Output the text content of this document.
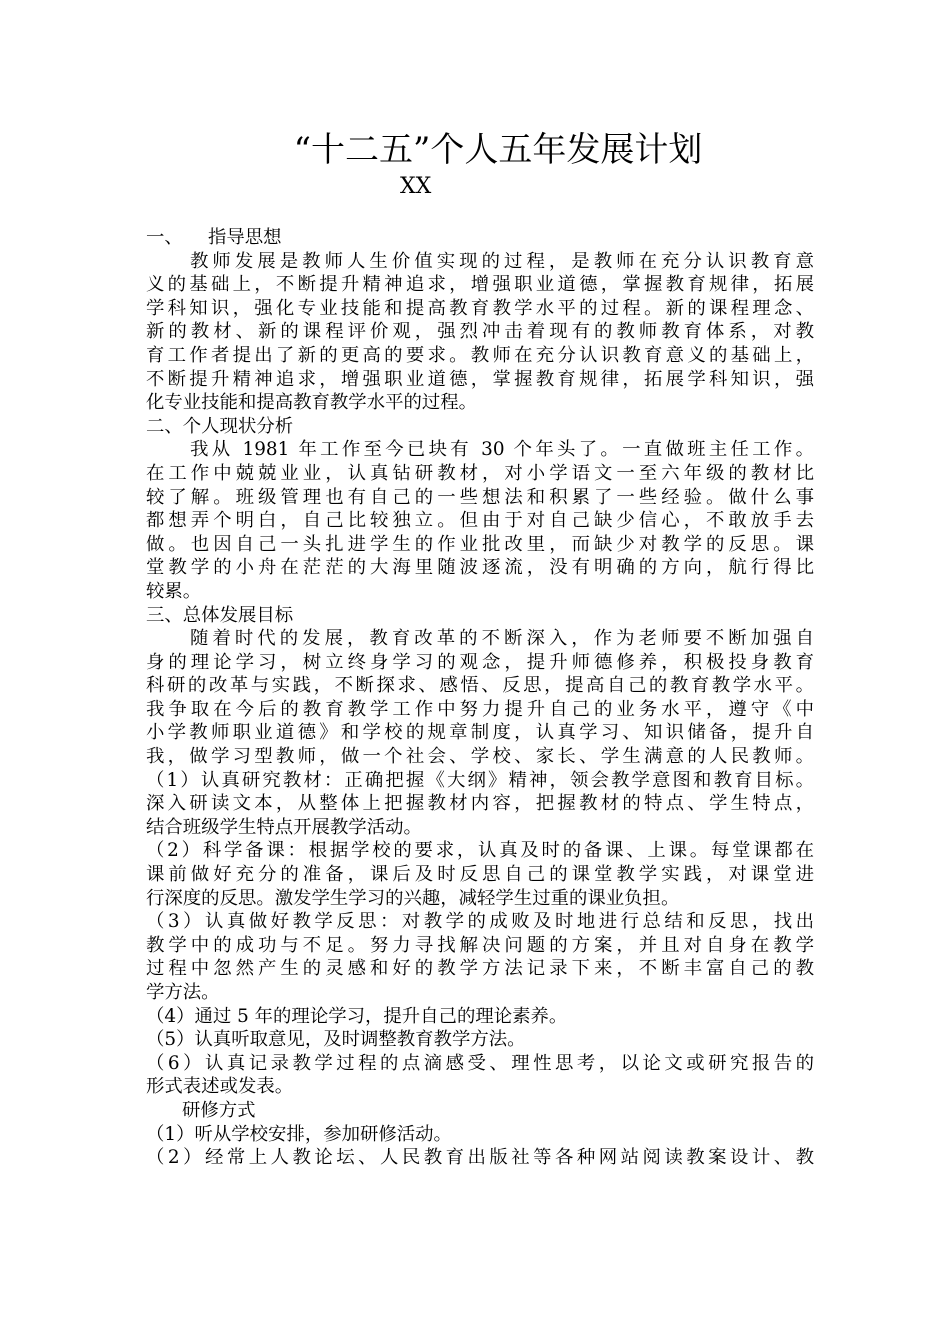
“十二五”个人五年发展计划
XX
一、 指导思想
教师发展是教师人生价值实现的过程，是教师在充分认识教育意
义的基础上，不断提升精神追求，增强职业道德，掌握教育规律，拓展
学科知识，强化专业技能和提高教育教学水平的过程。新的课程理念、
新的教材、新的课程评价观，强烈冲击着现有的教师教育体系，对教
育工作者提出了新的更高的要求。教师在充分认识教育意义的基础上，
不断提升精神追求，增强职业道德，掌握教育规律，拓展学科知识，强
化专业技能和提高教育教学水平的过程。
二、个人现状分析
我从 1981 年工作至今已块有 30 个年头了。一直做班主任工作。
在工作中兢兢业业，认真钻研教材，对小学语文一至六年级的教材比
较了解。班级管理也有自己的一些想法和积累了一些经验。做什么事
都想弄个明白，自己比较独立。但由于对自己缺少信心，不敢放手去
做。也因自己一头扎进学生的作业批改里，而缺少对教学的反思。课
堂教学的小舟在茫茫的大海里随波逐流，没有明确的方向，航行得比
较累。
三、总体发展目标
随着时代的发展，教育改革的不断深入，作为老师要不断加强自
身的理论学习，树立终身学习的观念，提升师德修养，积极投身教育
科研的改革与实践，不断探求、感悟、反思，提高自己的教育教学水平。
我争取在今后的教育教学工作中努力提升自己的业务水平，遵守《中
小学教师职业道德》和学校的规章制度，认真学习、知识储备，提升自
我，做学习型教师，做一个社会、学校、家长、学生满意的人民教师。
（1）认真研究教材：正确把握《大纲》精神，领会教学意图和教育目标。
深入研读文本，从整体上把握教材内容，把握教材的特点、学生特点，
结合班级学生特点开展教学活动。
（2）科学备课：根据学校的要求，认真及时的备课、上课。每堂课都在
课前做好充分的准备，课后及时反思自己的课堂教学实践，对课堂进
行深度的反思。激发学生学习的兴趣，减轻学生过重的课业负担。
（3）认真做好教学反思：对教学的成败及时地进行总结和反思，找出
教学中的成功与不足。努力寻找解决问题的方案，并且对自身在教学
过程中忽然产生的灵感和好的教学方法记录下来，不断丰富自己的教
学方法。
（4）通过 5 年的理论学习，提升自己的理论素养。
（5）认真听取意见，及时调整教育教学方法。
（6）认真记录教学过程的点滴感受、理性思考，以论文或研究报告的
形式表述或发表。
研修方式
（1）听从学校安排，参加研修活动。
（2）经常上人教论坛、人民教育出版社等各种网站阅读教案设计、教
